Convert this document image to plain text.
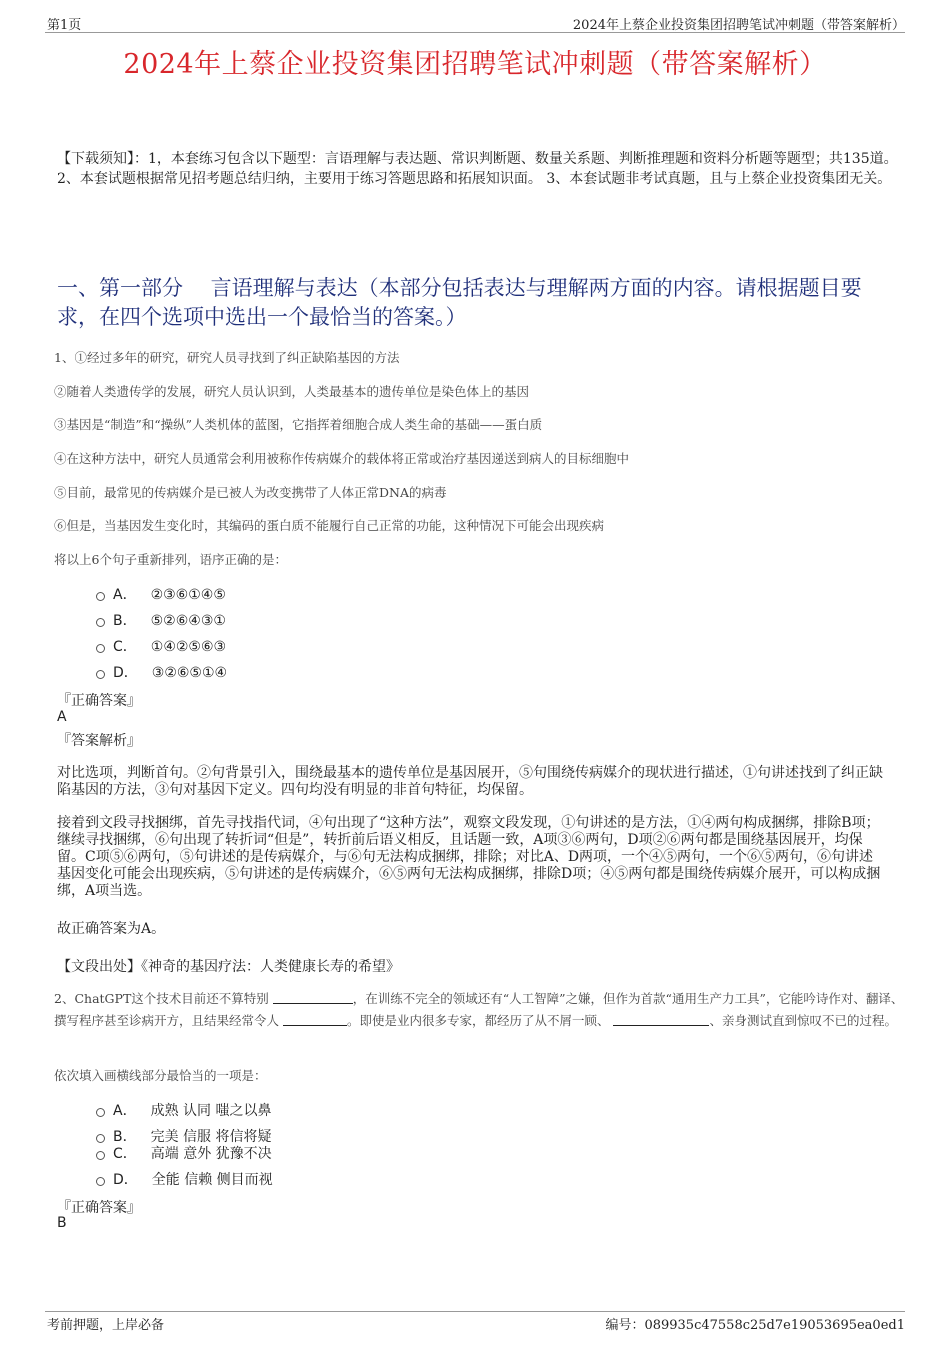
第1页	2024年上蔡企业投资集团招聘笔试冲刺题（带答案解析）
2024年上蔡企业投资集团招聘笔试冲刺题（带答案解析）
【下载须知】：1，本套练习包含以下题型：言语理解与表达题、常识判断题、数量关系题、判断推理题和资料分析题等题型；共135道。 2、本套试题根据常见招考题总结归纳，主要用于练习答题思路和拓展知识面。 3、本套试题非考试真题，且与上蔡企业投资集团无关。
一、第一部分　 言语理解与表达（本部分包括表达与理解两方面的内容。请根据题目要求，在四个选项中选出一个最恰当的答案。）
1、①经过多年的研究，研究人员寻找到了纠正缺陷基因的方法
②随着人类遗传学的发展，研究人员认识到，人类最基本的遗传单位是染色体上的基因
③基因是“制造”和“操纵”人类机体的蓝图，它指挥着细胞合成人类生命的基础——蛋白质
④在这种方法中，研究人员通常会利用被称作传病媒介的载体将正常或治疗基因递送到病人的目标细胞中
⑤目前，最常见的传病媒介是已被人为改变携带了人体正常DNA的病毒
⑥但是，当基因发生变化时，其编码的蛋白质不能履行自己正常的功能，这种情况下可能会出现疾病
将以上6个句子重新排列，语序正确的是：
A． ②③⑥①④⑤
B． ⑤②⑥④③①
C． ①④②⑤⑥③
D． ③②⑥⑤①④
『正确答案』
A
『答案解析』
对比选项，判断首句。②句背景引入，围绕最基本的遗传单位是基因展开，⑤句围绕传病媒介的现状进行描述，①句讲述找到了纠正缺陷基因的方法，③句对基因下定义。四句均没有明显的非首句特征，均保留。
接着到文段寻找捆绑，首先寻找指代词，④句出现了“这种方法”，观察文段发现，①句讲述的是方法，①④两句构成捆绑，排除B项；继续寻找捆绑，⑥句出现了转折词“但是”，转折前后语义相反，且话题一致，A项③⑥两句，D项②⑥两句都是围绕基因展开，均保留。C项⑤⑥两句，⑤句讲述的是传病媒介，与⑥句无法构成捆绑，排除；对比A、D两项，一个④⑤两句，一个⑥⑤两句，⑥句讲述基因变化可能会出现疾病，⑤句讲述的是传病媒介，⑥⑤两句无法构成捆绑，排除D项；④⑤两句都是围绕传病媒介展开，可以构成捆绑，A项当选。
故正确答案为A。
【文段出处】《神奇的基因疗法：人类健康长寿的希望》
2、ChatGPT这个技术目前还不算特别	，在训练不完全的领域还有“人工智障”之嫌，但作为首款“通用生产力工具”，它能吟诗作对、翻译、撰写程序甚至诊病开方，且结果经常令人	。即使是业内很多专家，都经历了从不屑一顾、	、亲身测试直到惊叹不已的过程。
依次填入画横线部分最恰当的一项是：
A． 成熟 认同 嗤之以鼻
B． 完美 信服 将信将疑
C． 高端 意外 犹豫不决
D． 全能 信赖 侧目而视
『正确答案』
B
考前押题，上岸必备	编号：089935c47558c25d7e19053695ea0ed1
